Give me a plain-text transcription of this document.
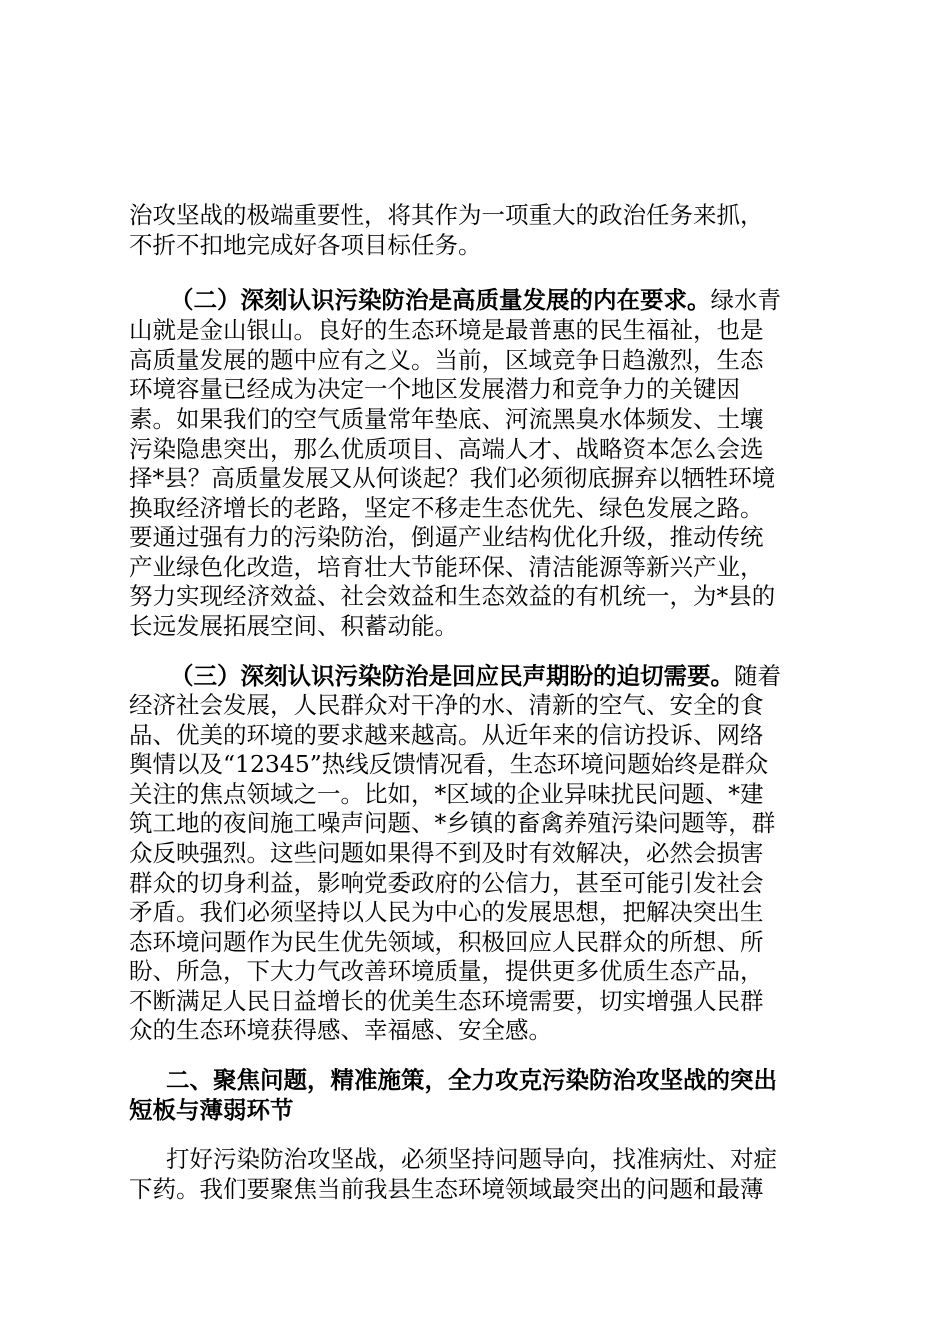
治攻坚战的极端重要性，将其作为一项重大的政治任务来抓，

不折不扣地完成好各项目标任务。

（二）深刻认识污染防治是高质量发展的内在要求。绿水青

山就是金山银山。良好的生态环境是最普惠的民生福祉，也是

高质量发展的题中应有之义。当前，区域竞争日趋激烈，生态

环境容量已经成为决定一个地区发展潜力和竞争力的关键因

素。如果我们的空气质量常年垫底、河流黑臭水体频发、土壤

污染隐患突出，那么优质项目、高端人才、战略资本怎么会选

择*县？高质量发展又从何谈起？我们必须彻底摒弃以牺牲环境

换取经济增长的老路，坚定不移走生态优先、绿色发展之路。

要通过强有力的污染防治，倒逼产业结构优化升级，推动传统

产业绿色化改造，培育壮大节能环保、清洁能源等新兴产业，

努力实现经济效益、社会效益和生态效益的有机统一，为*县的

长远发展拓展空间、积蓄动能。

（三）深刻认识污染防治是回应民声期盼的迫切需要。随着

经济社会发展，人民群众对干净的水、清新的空气、安全的食

品、优美的环境的要求越来越高。从近年来的信访投诉、网络

舆情以及“12345”热线反馈情况看，生态环境问题始终是群众

关注的焦点领域之一。比如，*区域的企业异味扰民问题、*建

筑工地的夜间施工噪声问题、*乡镇的畜禽养殖污染问题等，群

众反映强烈。这些问题如果得不到及时有效解决，必然会损害

群众的切身利益，影响党委政府的公信力，甚至可能引发社会

矛盾。我们必须坚持以人民为中心的发展思想，把解决突出生

态环境问题作为民生优先领域，积极回应人民群众的所想、所

盼、所急，下大力气改善环境质量，提供更多优质生态产品，

不断满足人民日益增长的优美生态环境需要，切实增强人民群

众的生态环境获得感、幸福感、安全感。

二、聚焦问题，精准施策，全力攻克污染防治攻坚战的突出

短板与薄弱环节

打好污染防治攻坚战，必须坚持问题导向，找准病灶、对症

下药。我们要聚焦当前我县生态环境领域最突出的问题和最薄
